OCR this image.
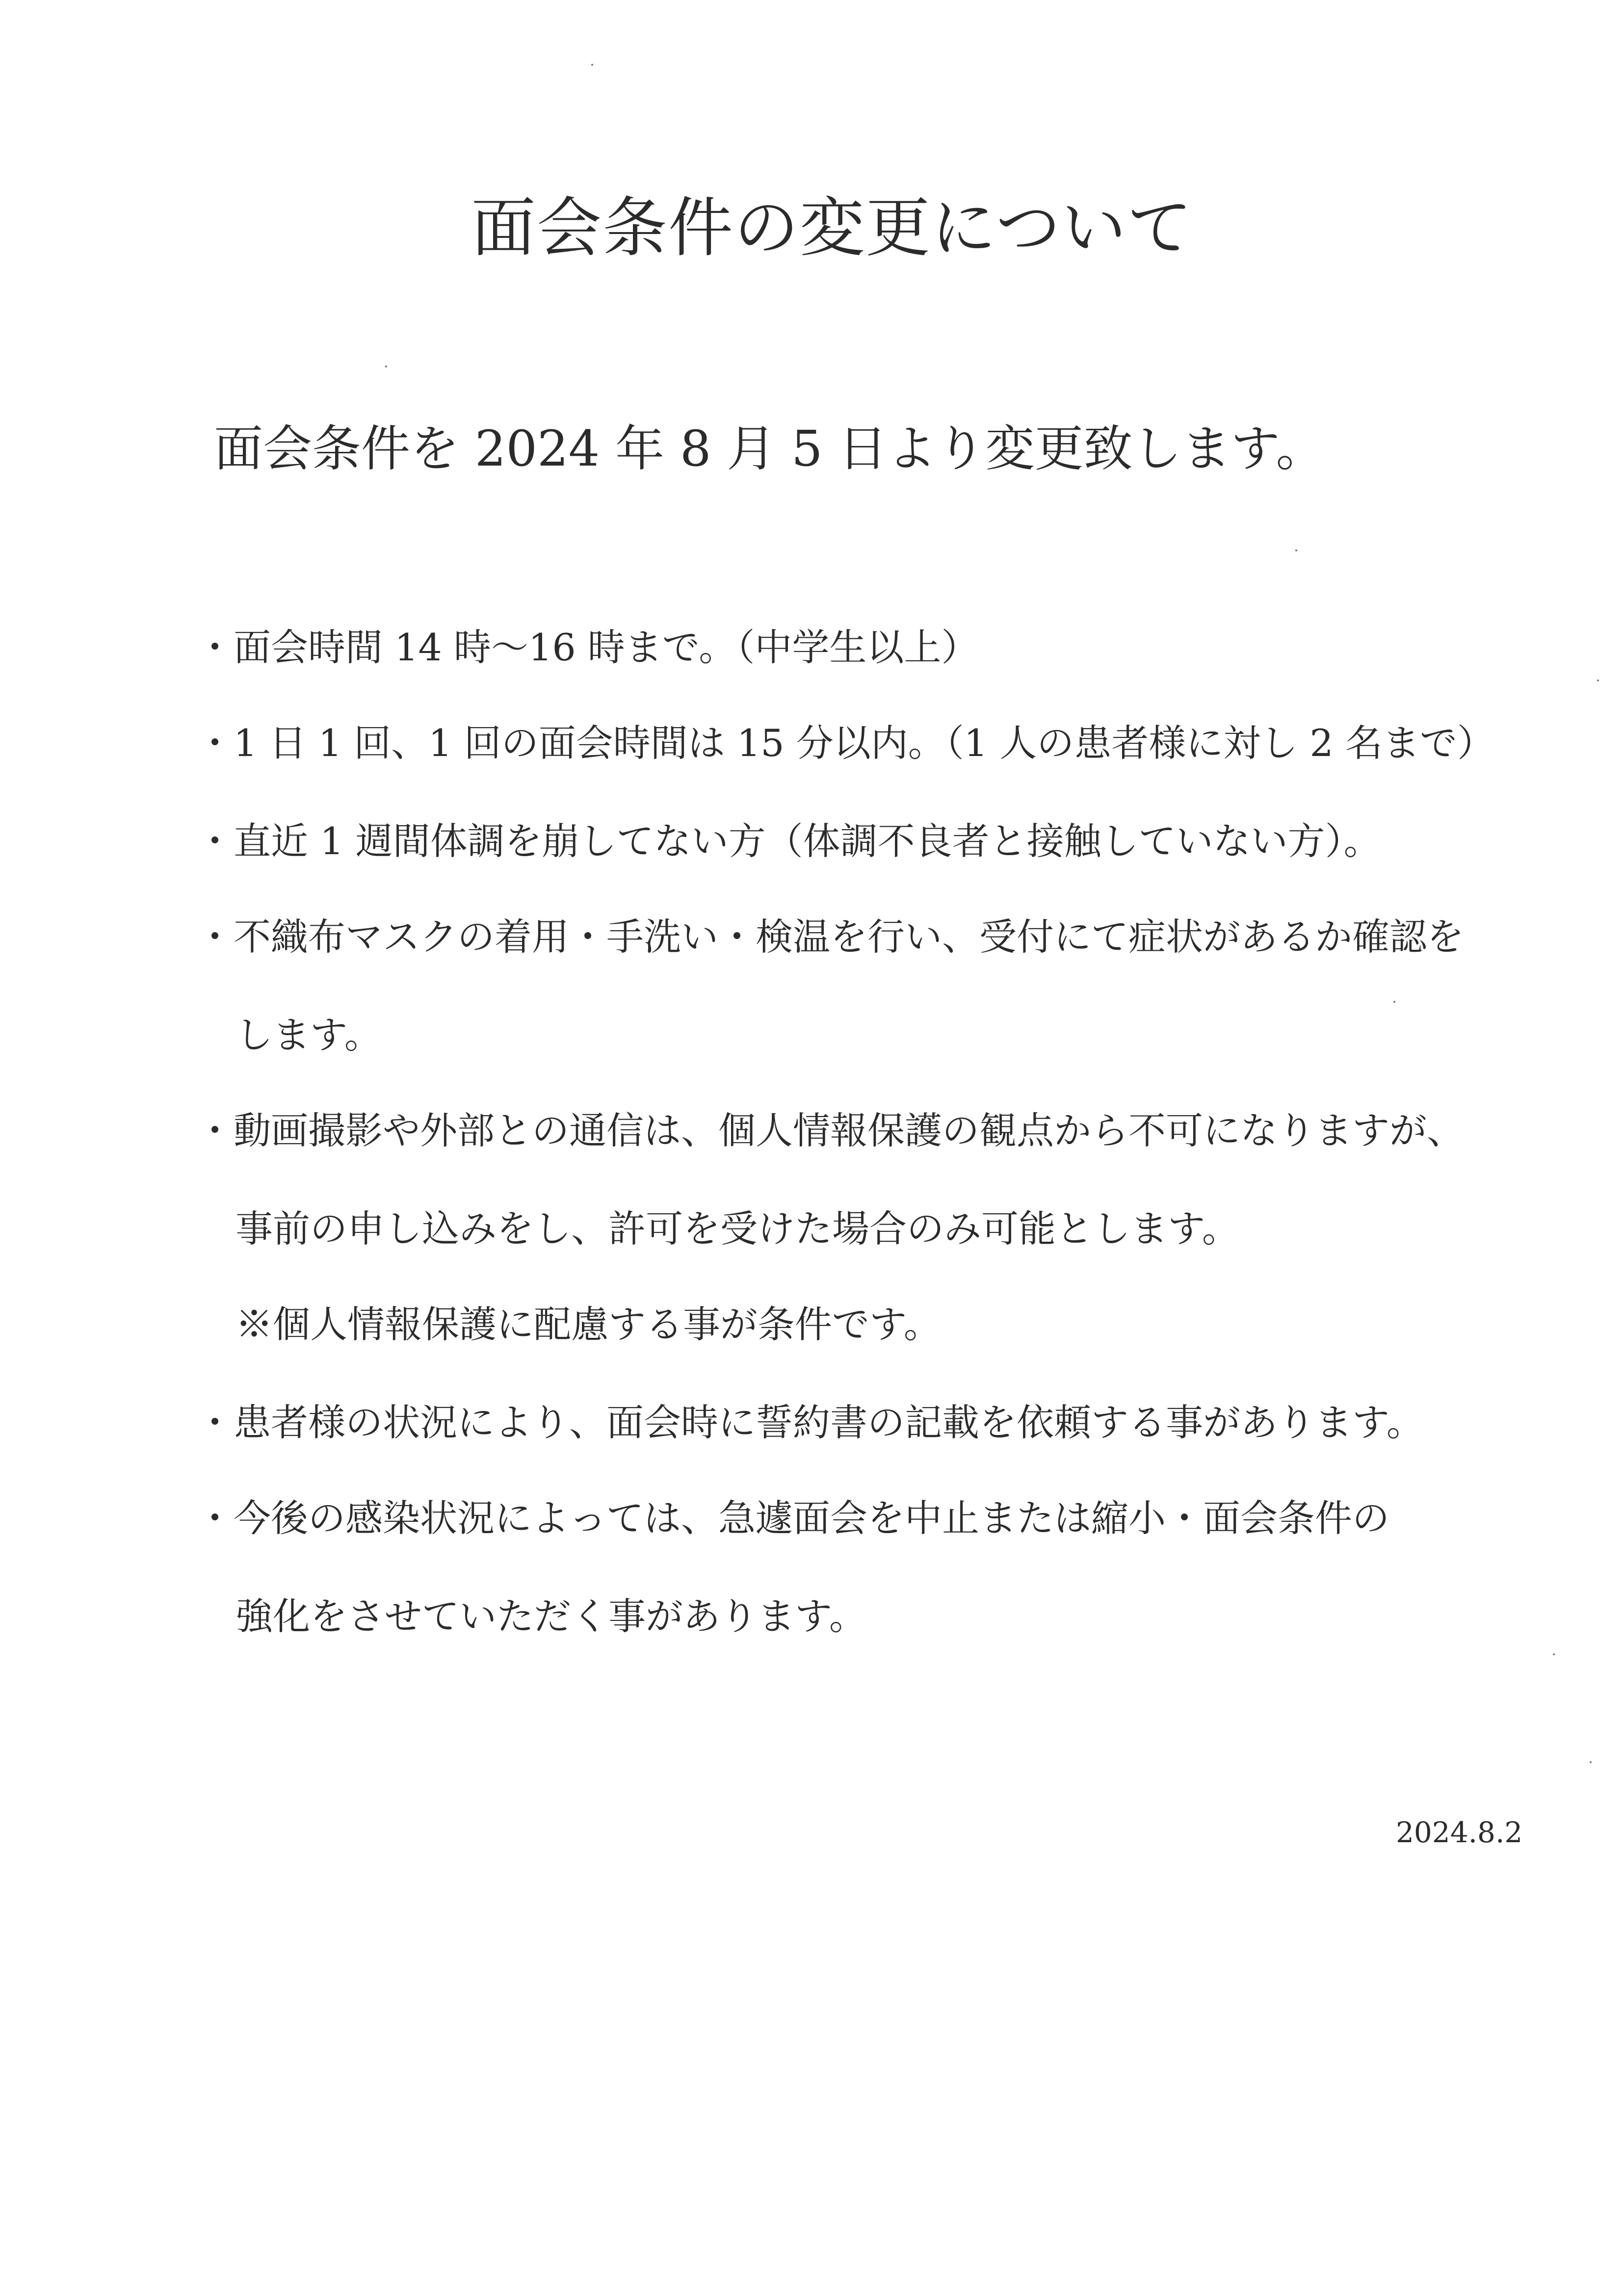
面会条件の変更について
面会条件を 2024 年 8 月 5 日より変更致します。
・面会時間 14 時〜16 時まで。（中学生以上）
・1 日 1 回、1 回の面会時間は 15 分以内。（1 人の患者様に対し 2 名まで）
・直近 1 週間体調を崩してない方（体調不良者と接触していない方）。
・不織布マスクの着用・手洗い・検温を行い、受付にて症状があるか確認を
します。
・動画撮影や外部との通信は、個人情報保護の観点から不可になりますが、
事前の申し込みをし、許可を受けた場合のみ可能とします。
※個人情報保護に配慮する事が条件です。
・患者様の状況により、面会時に誓約書の記載を依頼する事があります。
・今後の感染状況によっては、急遽面会を中止または縮小・面会条件の
強化をさせていただく事があります。
2024.8.2
